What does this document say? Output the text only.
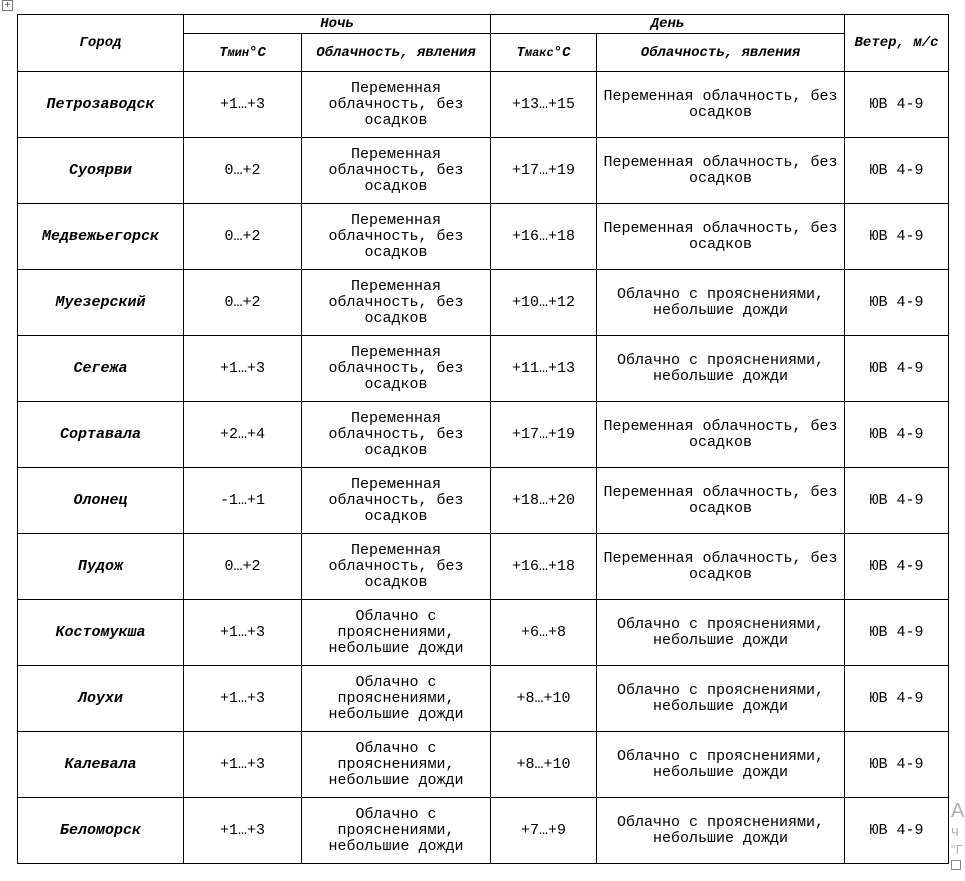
+
Город	Ночь		День		Ветер, м/с
	Тмин°С	Облачность, явления	Тмакс°С	Облачность, явления	
Петрозаводск	+1…+3	Переменная облачность, без осадков	+13…+15	Переменная облачность, без осадков	ЮВ 4-9
Суоярви	0…+2	Переменная облачность, без осадков	+17…+19	Переменная облачность, без осадков	ЮВ 4-9
Медвежьегорск	0…+2	Переменная облачность, без осадков	+16…+18	Переменная облачность, без осадков	ЮВ 4-9
Муезерский	0…+2	Переменная облачность, без осадков	+10…+12	Облачно с прояснениями, небольшие дожди	ЮВ 4-9
Сегежа	+1…+3	Переменная облачность, без осадков	+11…+13	Облачно с прояснениями, небольшие дожди	ЮВ 4-9
Сортавала	+2…+4	Переменная облачность, без осадков	+17…+19	Переменная облачность, без осадков	ЮВ 4-9
Олонец	-1…+1	Переменная облачность, без осадков	+18…+20	Переменная облачность, без осадков	ЮВ 4-9
Пудож	0…+2	Переменная облачность, без осадков	+16…+18	Переменная облачность, без осадков	ЮВ 4-9
Костомукша	+1…+3	Облачно с прояснениями, небольшие дожди	+6…+8	Облачно с прояснениями, небольшие дожди	ЮВ 4-9
Лоухи	+1…+3	Облачно с прояснениями, небольшие дожди	+8…+10	Облачно с прояснениями, небольшие дожди	ЮВ 4-9
Калевала	+1…+3	Облачно с прояснениями, небольшие дожди	+8…+10	Облачно с прояснениями, небольшие дожди	ЮВ 4-9
Беломорск	+1…+3	Облачно с прояснениями, небольшие дожди	+7…+9	Облачно с прояснениями, небольшие дожди	ЮВ 4-9
A
ч
"Г
